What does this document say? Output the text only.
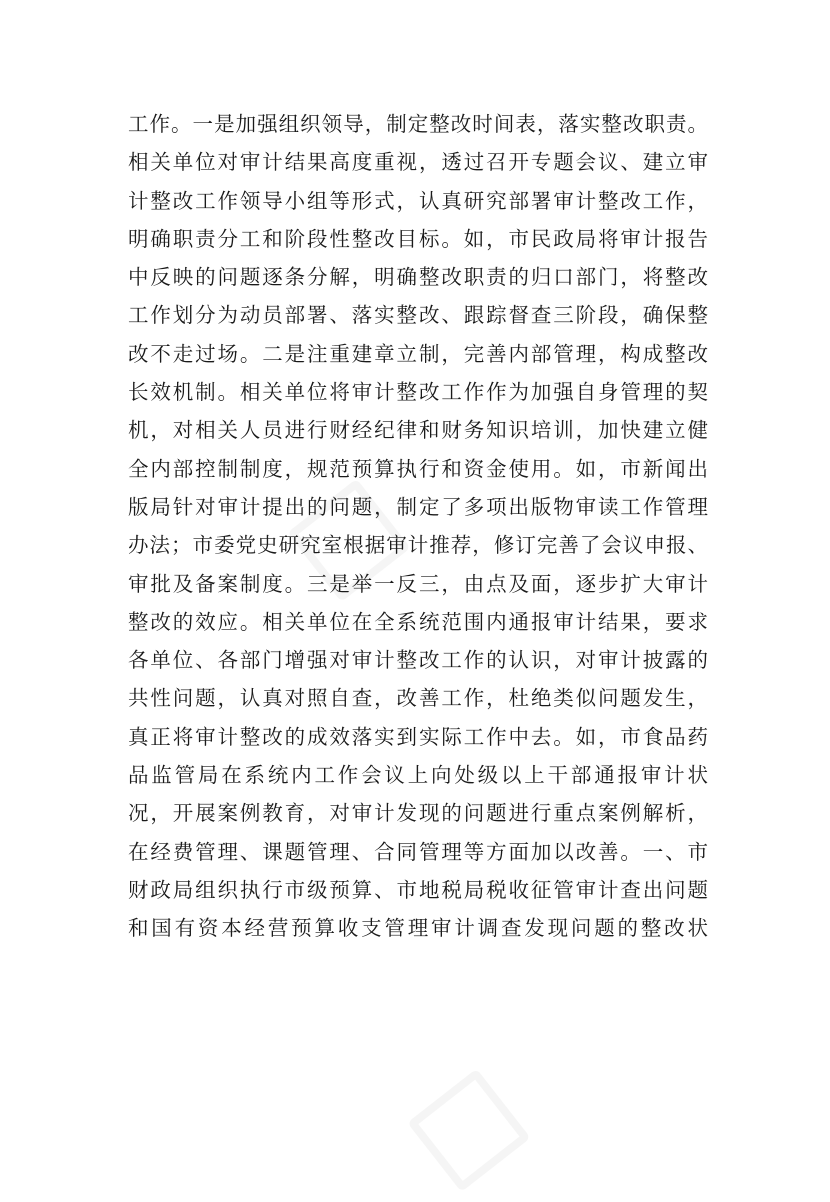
工作。一是加强组织领导，制定整改时间表，落实整改职责。
相关单位对审计结果高度重视，透过召开专题会议、建立审
计整改工作领导小组等形式，认真研究部署审计整改工作，
明确职责分工和阶段性整改目标。如，市民政局将审计报告
中反映的问题逐条分解，明确整改职责的归口部门，将整改
工作划分为动员部署、落实整改、跟踪督查三阶段，确保整
改不走过场。二是注重建章立制，完善内部管理，构成整改
长效机制。相关单位将审计整改工作作为加强自身管理的契
机，对相关人员进行财经纪律和财务知识培训，加快建立健
全内部控制制度，规范预算执行和资金使用。如，市新闻出
版局针对审计提出的问题，制定了多项出版物审读工作管理
办法；市委党史研究室根据审计推荐，修订完善了会议申报、
审批及备案制度。三是举一反三，由点及面，逐步扩大审计
整改的效应。相关单位在全系统范围内通报审计结果，要求
各单位、各部门增强对审计整改工作的认识，对审计披露的
共性问题，认真对照自查，改善工作，杜绝类似问题发生，
真正将审计整改的成效落实到实际工作中去。如，市食品药
品监管局在系统内工作会议上向处级以上干部通报审计状
况，开展案例教育，对审计发现的问题进行重点案例解析，
在经费管理、课题管理、合同管理等方面加以改善。一、市
财政局组织执行市级预算、市地税局税收征管审计查出问题
和国有资本经营预算收支管理审计调查发现问题的整改状
